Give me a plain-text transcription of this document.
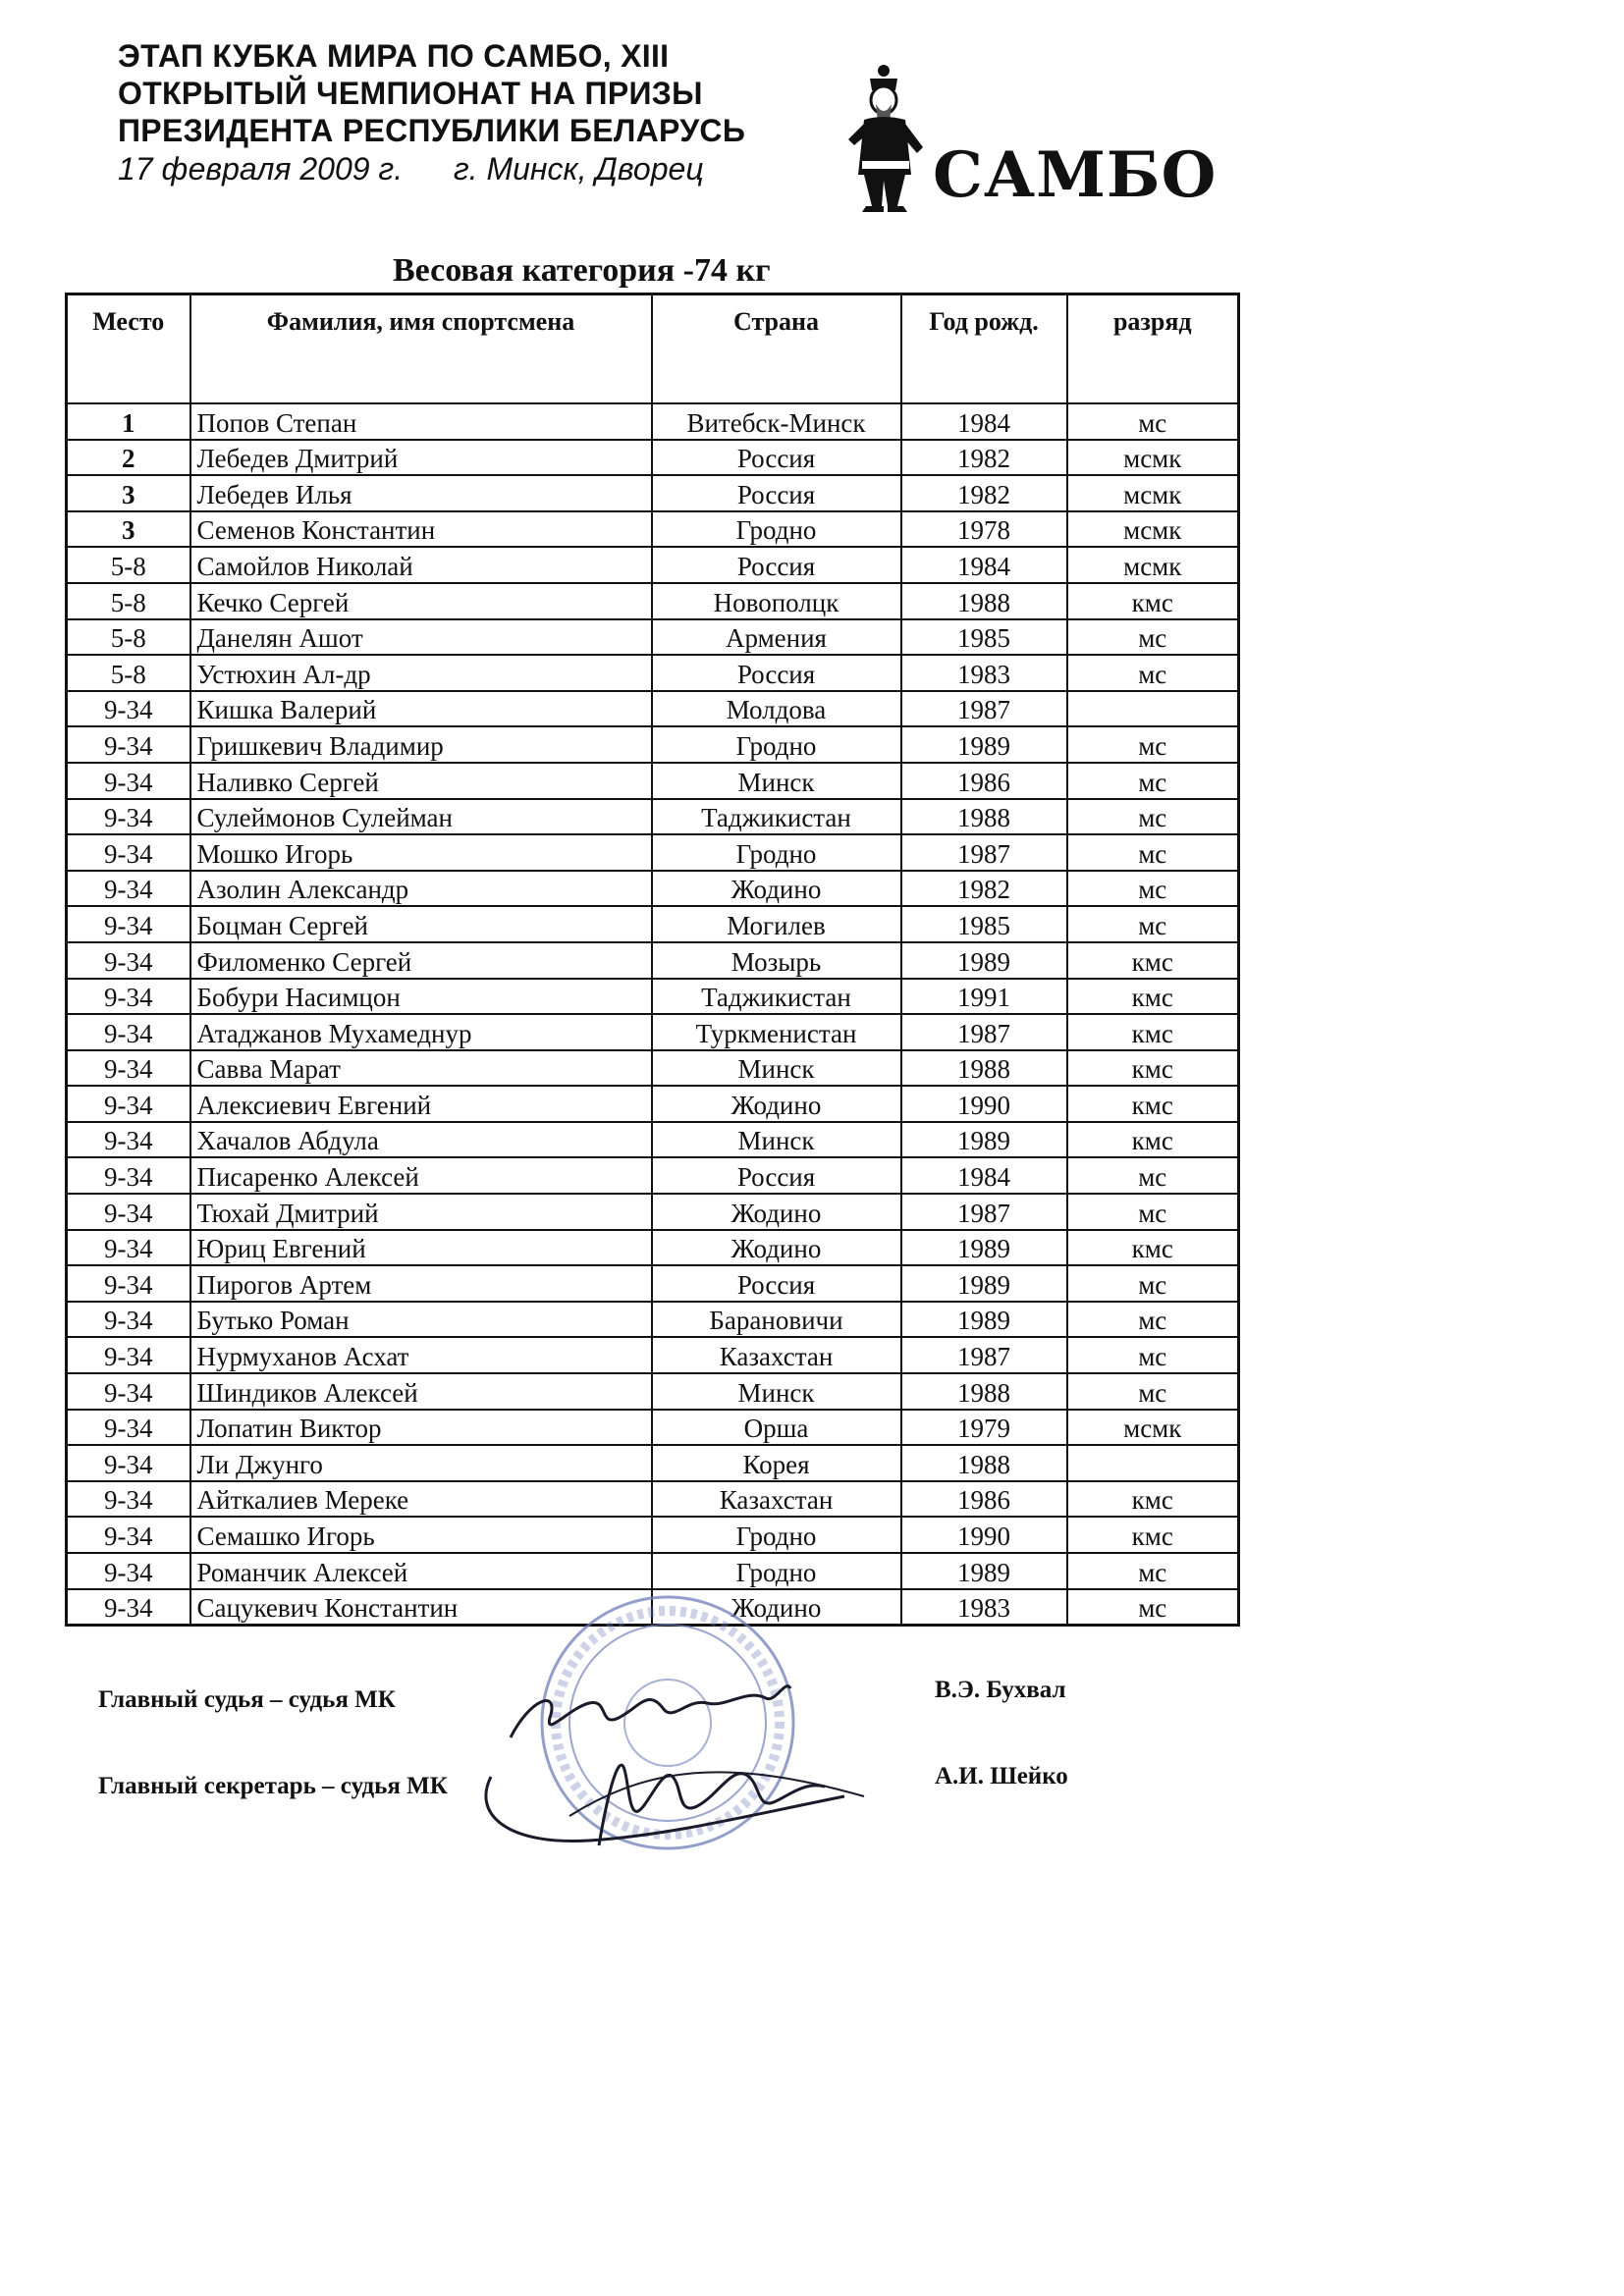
ЭТАП КУБКА МИРА ПО САМБО, XIII
ОТКРЫТЫЙ ЧЕМПИОНАТ НА ПРИЗЫ
ПРЕЗИДЕНТА РЕСПУБЛИКИ БЕЛАРУСЬ
17 февраля 2009 г. г. Минск, Дворец	САМБО
Весовая категория -74 кг
Место	Фамилия, имя спортсмена	Страна	Год рожд.	разряд
1	Попов Степан	Витебск-Минск	1984	мс
2	Лебедев Дмитрий	Россия	1982	мсмк
3	Лебедев Илья	Россия	1982	мсмк
3	Семенов Константин	Гродно	1978	мсмк
5-8	Самойлов Николай	Россия	1984	мсмк
5-8	Кечко Сергей	Новополцк	1988	кмс
5-8	Данелян Ашот	Армения	1985	мс
5-8	Устюхин Ал-др	Россия	1983	мс
9-34	Кишка Валерий	Молдова	1987	
9-34	Гришкевич Владимир	Гродно	1989	мс
9-34	Наливко Сергей	Минск	1986	мс
9-34	Сулеймонов Сулейман	Таджикистан	1988	мс
9-34	Мошко Игорь	Гродно	1987	мс
9-34	Азолин Александр	Жодино	1982	мс
9-34	Боцман Сергей	Могилев	1985	мс
9-34	Филоменко Сергей	Мозырь	1989	кмс
9-34	Бобури Насимцон	Таджикистан	1991	кмс
9-34	Атаджанов Мухамеднур	Туркменистан	1987	кмс
9-34	Савва Марат	Минск	1988	кмс
9-34	Алексиевич Евгений	Жодино	1990	кмс
9-34	Хачалов Абдула	Минск	1989	кмс
9-34	Писаренко Алексей	Россия	1984	мс
9-34	Тюхай Дмитрий	Жодино	1987	мс
9-34	Юриц Евгений	Жодино	1989	кмс
9-34	Пирогов Артем	Россия	1989	мс
9-34	Бутько Роман	Барановичи	1989	мс
9-34	Нурмуханов Асхат	Казахстан	1987	мс
9-34	Шиндиков Алексей	Минск	1988	мс
9-34	Лопатин Виктор	Орша	1979	мсмк
9-34	Ли Джунго	Корея	1988	
9-34	Айткалиев Мереке	Казахстан	1986	кмс
9-34	Семашко Игорь	Гродно	1990	кмс
9-34	Романчик Алексей	Гродно	1989	мс
9-34	Сацукевич Константин	Жодино	1983	мс
Главный судья – судья МК	В.Э. Бухвал
Главный секретарь – судья МК	А.И. Шейко
